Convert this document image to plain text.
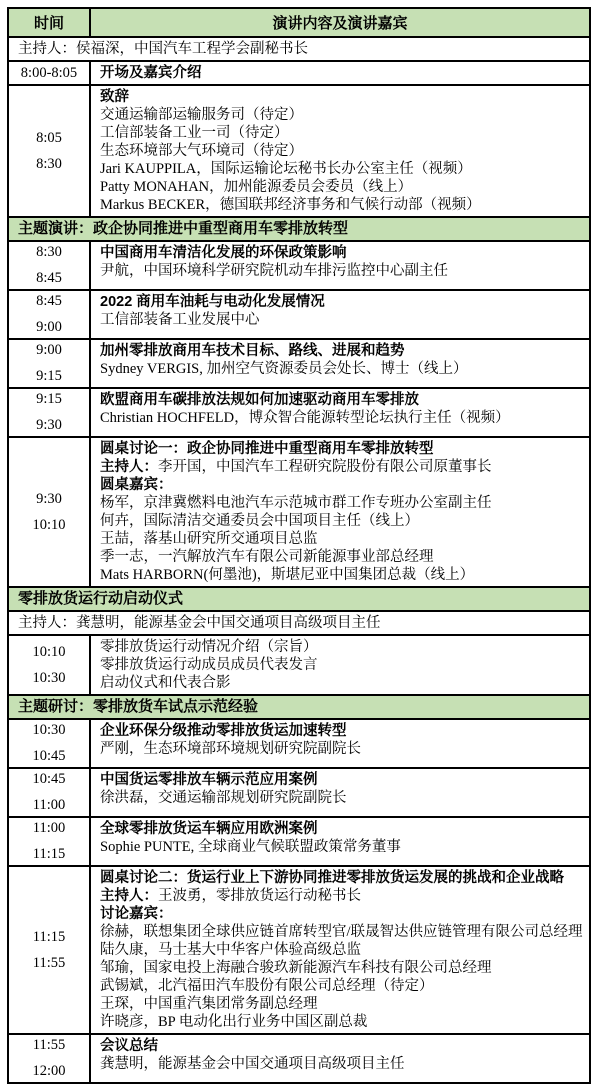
时间	演讲内容及演讲嘉宾
主持人：侯福深，中国汽车工程学会副秘书长
8:00-8:05 开场及嘉宾介绍
8:05
8:30
致辞
交通运输部运输服务司（待定）
工信部装备工业一司（待定）
生态环境部大气环境司（待定）
Jari KAUPPILA，国际运输论坛秘书长办公室主任（视频）
Patty MONAHAN，加州能源委员会委员（线上）
Markus BECKER，德国联邦经济事务和气候行动部（视频）
主题演讲：政企协同推进中重型商用车零排放转型
8:30
8:45
中国商用车清洁化发展的环保政策影响
尹航，中国环境科学研究院机动车排污监控中心副主任
8:45
9:00
2022 商用车油耗与电动化发展情况
工信部装备工业发展中心
9:00
9:15
加州零排放商用车技术目标、路线、进展和趋势
Sydney VERGIS, 加州空气资源委员会处长、博士（线上）
9:15
9:30
欧盟商用车碳排放法规如何加速驱动商用车零排放
Christian HOCHFELD，博众智合能源转型论坛执行主任（视频）
9:30
10:10
圆桌讨论一：政企协同推进中重型商用车零排放转型
主持人：李开国，中国汽车工程研究院股份有限公司原董事长
圆桌嘉宾：
杨军，京津冀燃料电池汽车示范城市群工作专班办公室副主任
何卉，国际清洁交通委员会中国项目主任（线上）
王喆，落基山研究所交通项目总监
季一志，一汽解放汽车有限公司新能源事业部总经理
Mats HARBORN(何墨池)，斯堪尼亚中国集团总裁（线上）
零排放货运行动启动仪式
主持人：龚慧明，能源基金会中国交通项目高级项目主任
10:10
10:30
零排放货运行动情况介绍（宗旨）
零排放货运行动成员成员代表发言
启动仪式和代表合影
主题研讨：零排放货车试点示范经验
10:30
10:45
企业环保分级推动零排放货运加速转型
严刚，生态环境部环境规划研究院副院长
10:45
11:00
中国货运零排放车辆示范应用案例
徐洪磊，交通运输部规划研究院副院长
11:00
11:15
全球零排放货运车辆应用欧洲案例
Sophie PUNTE, 全球商业气候联盟政策常务董事
11:15
11:55
圆桌讨论二：货运行业上下游协同推进零排放货运发展的挑战和企业战略
主持人：王波勇，零排放货运行动秘书长
讨论嘉宾：
徐赫，联想集团全球供应链首席转型官/联晟智达供应链管理有限公司总经理
陆久康，马士基大中华客户体验高级总监
邹瑜，国家电投上海融合骏玖新能源汽车科技有限公司总经理
武锡斌，北汽福田汽车股份有限公司总经理（待定）
王琛，中国重汽集团常务副总经理
许晓彦，BP 电动化出行业务中国区副总裁
11:55
12:00
会议总结
龚慧明，能源基金会中国交通项目高级项目主任
